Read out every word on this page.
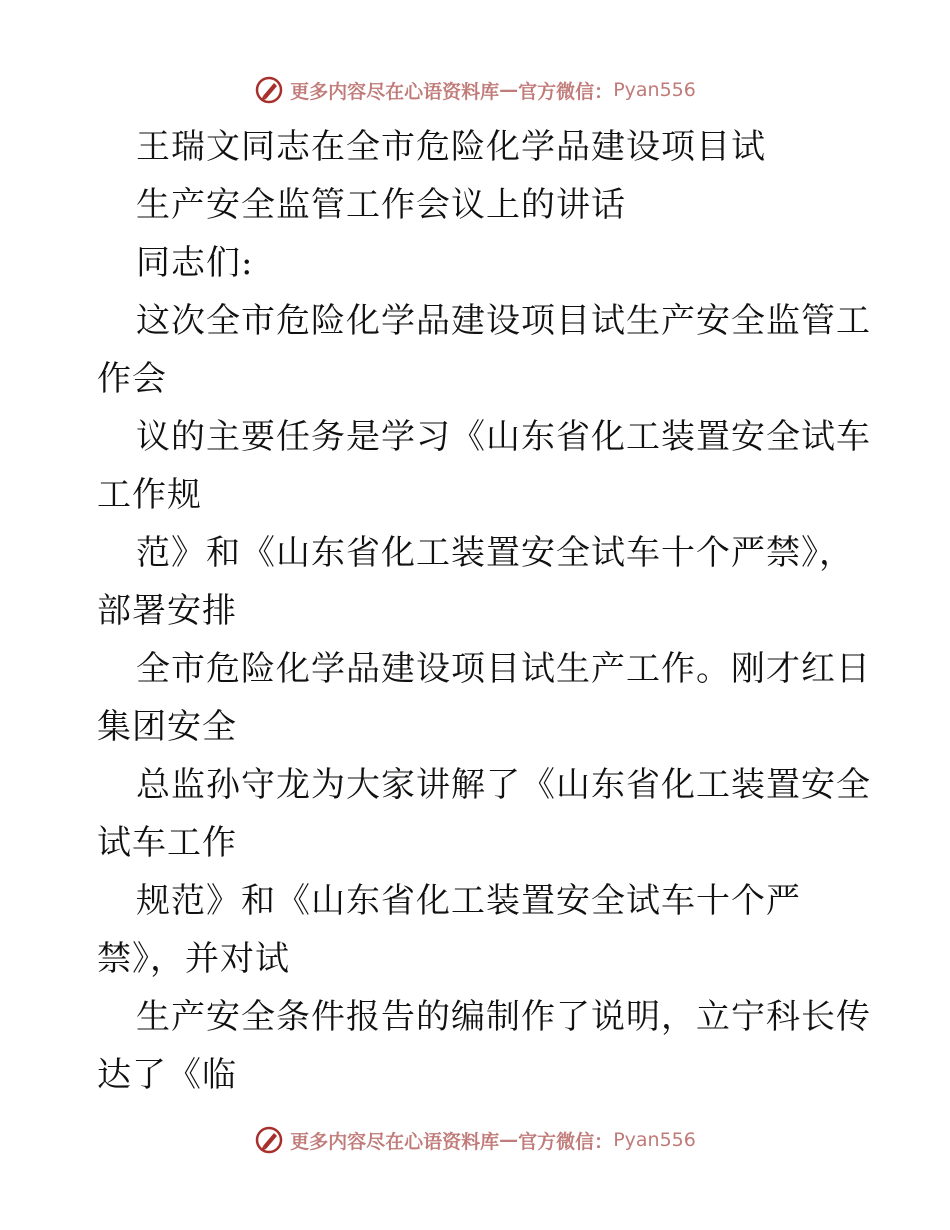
更多内容尽在心语资料库 — 官方微信： Pyan556
王瑞文同志在全市危险化学品建设项目试
生产安全监管工作会议上的讲话
同志们:
这次全市危险化学品建设项目试生产安全监管工
作会
议的主要任务是学习《山东省化工装置安全试车
工作规
范》和《山东省化工装置安全试车十个严禁》，
部署安排
全市危险化学品建设项目试生产工作。刚才红日
集团安全
总监孙守龙为大家讲解了《山东省化工装置安全
试车工作
规范》和《山东省化工装置安全试车十个严
禁》，并对试
生产安全条件报告的编制作了说明，立宁科长传
达了《临
更多内容尽在心语资料库 — 官方微信： Pyan556
